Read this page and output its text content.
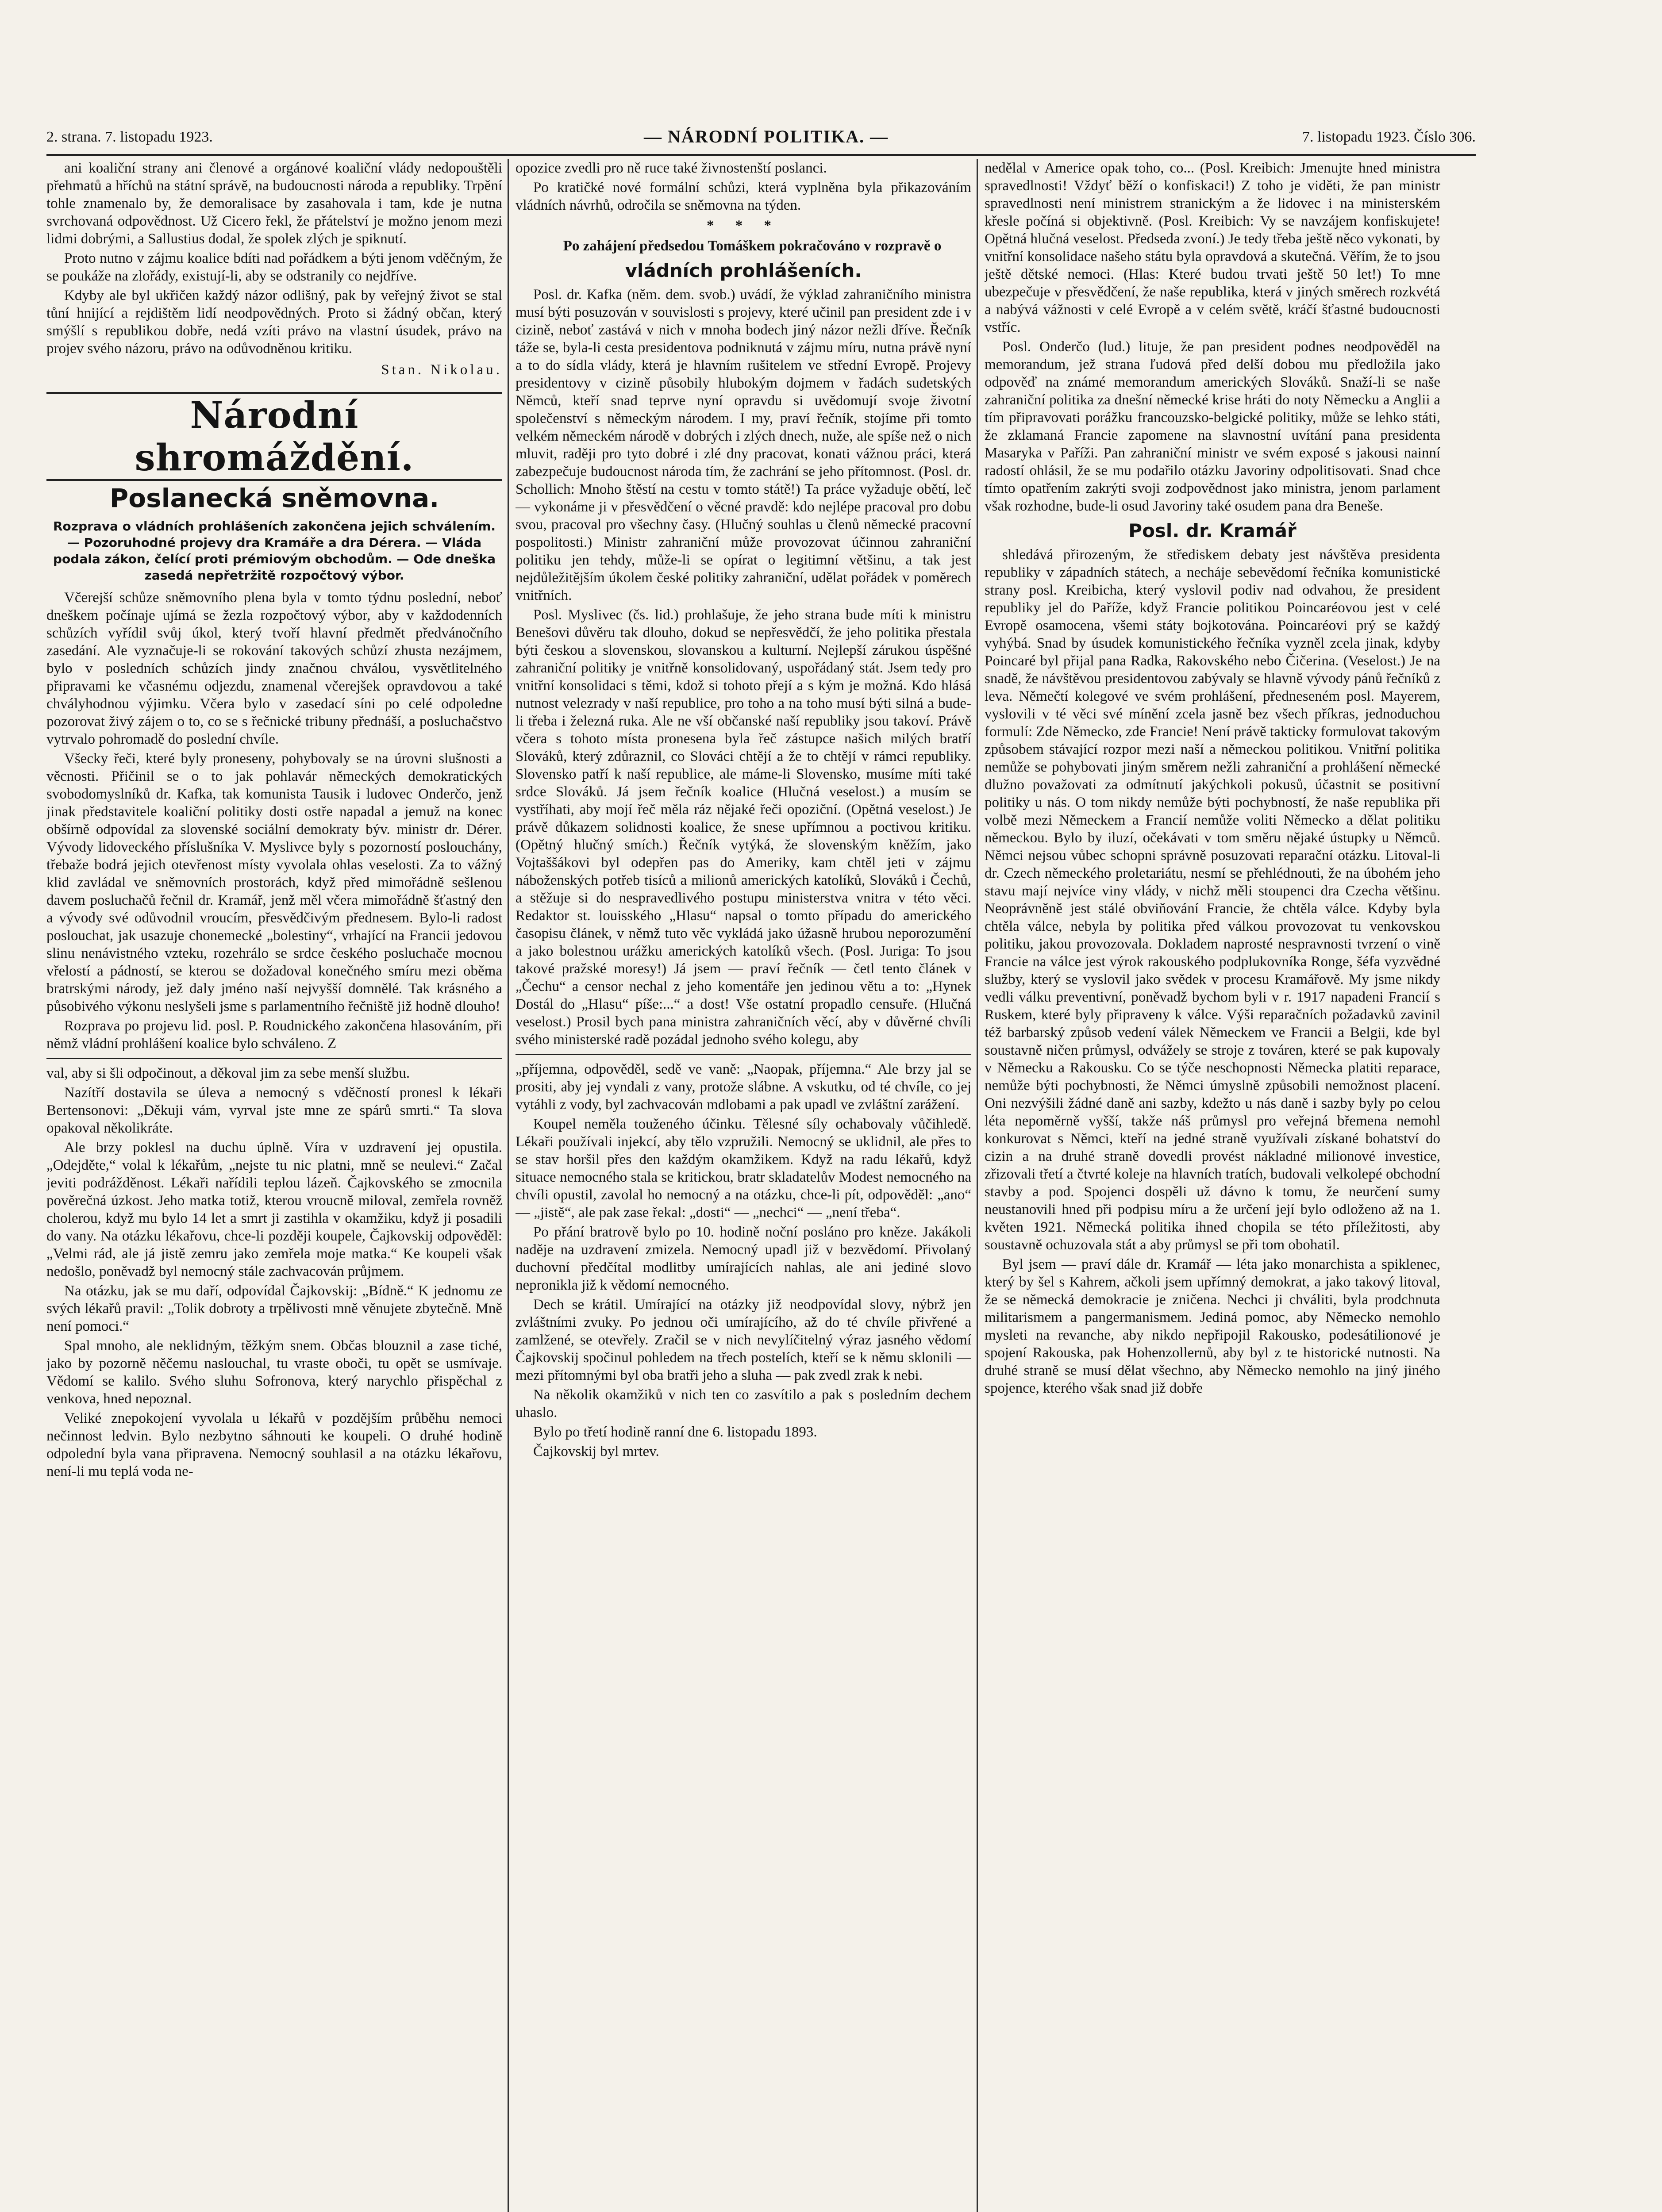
2. strana. 7. listopadu 1923.	— NÁRODNÍ POLITIKA. —	7. listopadu 1923. Číslo 306.

ani koaliční strany ani členové a orgánové koaliční vlády nedopouštěli přehmatů a hříchů na státní správě, na budoucnosti národa a republiky. Trpění tohle znamenalo by, že demoralisace by zasahovala i tam, kde je nutna svrchovaná odpovědnost. Už Cicero řekl, že přátelství je možno jenom mezi lidmi dobrými, a Sallustius dodal, že spolek zlých je spiknutí.

Proto nutno v zájmu koalice bdíti nad pořádkem a býti jenom vděčným, že se poukáže na zlořády, existují-li, aby se odstranily co nejdříve.

Kdyby ale byl ukřičen každý názor odlišný, pak by veřejný život se stal tůní hnijící a rejdištěm lidí neodpovědných. Proto si žádný občan, který smýšlí s republikou dobře, nedá vzíti právo na vlastní úsudek, právo na projev svého názoru, právo na odůvodněnou kritiku.

Stan. Nikolau.
Národní shromáždění.
Poslanecká sněmovna.
Rozprava o vládních prohlášeních zakončena jejich schválením. — Pozoruhodné projevy dra Kramáře a dra Dérera. — Vláda podala zákon, čelící proti prémiovým obchodům. — Ode dneška zasedá nepřetržitě rozpočtový výbor.

Včerejší schůze sněmovního plena byla v tomto týdnu poslední, neboť dneškem počínaje ujímá se žezla rozpočtový výbor, aby v každodenních schůzích vyřídil svůj úkol, který tvoří hlavní předmět předvánočního zasedání. Ale vyznačuje-li se rokování takových schůzí zhusta nezájmem, bylo v posledních schůzích jindy značnou chválou, vysvětlitelného připravami ke včasnému odjezdu, znamenal včerejšek opravdovou a také chvályhodnou výjimku. Včera bylo v zasedací síni po celé odpoledne pozorovat živý zájem o to, co se s řečnické tribuny přednáší, a posluchačstvo vytrvalo pohromadě do poslední chvíle.

Všecky řeči, které byly proneseny, pohybovaly se na úrovni slušnosti a věcnosti. Přičinil se o to jak pohlavár německých demokratických svobodomyslníků dr. Kafka, tak komunista Tausik i ludovec Onderčo, jenž jinak představitele koaliční politiky dosti ostře napadal a jemuž na konec obšírně odpovídal za slovenské sociální demokraty býv. ministr dr. Dérer. Vývody lidoveckého příslušníka V. Myslivce byly s pozorností poslouchány, třebaže bodrá jejich otevřenost místy vyvolala ohlas veselosti. Za to vážný klid zavládal ve sněmovních prostorách, když před mimořádně sešlenou davem posluchačů řečnil dr. Kramář, jenž měl včera mimořádně šťastný den a vývody své odůvodnil vroucím, přesvědčivým přednesem. Bylo-li radost poslouchat, jak usazuje chonemecké „bolestiny“, vrhající na Francii jedovou slinu nenávistného vzteku, rozehrálo se srdce českého posluchače mocnou vřelostí a pádností, se kterou se dožadoval konečného smíru mezi oběma bratrskými národy, jež daly jméno naší nejvyšší domnělé. Tak krásného a působivého výkonu neslyšeli jsme s parlamentního řečniště již hodně dlouho!

Rozprava po projevu lid. posl. P. Roudnického zakončena hlasováním, při němž vládní prohlášení koalice bylo schváleno. Z

val, aby si šli odpočinout, a děkoval jim za sebe menší službu.

Nazítří dostavila se úleva a nemocný s vděčností pronesl k lékaři Bertensonovi: „Děkuji vám, vyrval jste mne ze spárů smrti.“ Ta slova opakoval několikráte.

Ale brzy poklesl na duchu úplně. Víra v uzdravení jej opustila. „Odejděte,“ volal k lékařům, „nejste tu nic platni, mně se neulevi.“ Začal jeviti podrážděnost. Lékaři nařídili teplou lázeň. Čajkovského se zmocnila pověrečná úzkost. Jeho matka totiž, kterou vroucně miloval, zemřela rovněž cholerou, když mu bylo 14 let a smrt ji zastihla v okamžiku, když ji posadili do vany. Na otázku lékařovu, chce-li později koupele, Čajkovskij odpověděl: „Velmi rád, ale já jistě zemru jako zemřela moje matka.“ Ke koupeli však nedošlo, poněvadž byl nemocný stále zachvacován průjmem.

Na otázku, jak se mu daří, odpovídal Čajkovskij: „Bídně.“ K jednomu ze svých lékařů pravil: „Tolik dobroty a trpělivosti mně věnujete zbytečně. Mně není pomoci.“

Spal mnoho, ale neklidným, těžkým snem. Občas blouznil a zase tiché, jako by pozorně něčemu naslouchal, tu vraste oboči, tu opět se usmívaje. Vědomí se kalilo. Svého sluhu Sofronova, který narychlo přispěchal z venkova, hned nepoznal.

Veliké znepokojení vyvolala u lékařů v pozdějším průběhu nemoci nečinnost ledvin. Bylo nezbytno sáhnouti ke koupeli. O druhé hodině odpolední byla vana připravena. Nemocný souhlasil a na otázku lékařovu, není-li mu teplá voda ne-

opozice zvedli pro ně ruce také živnostenští poslanci.

Po kratičké nové formální schůzi, která vyplněna byla přikazováním vládních návrhů, odročila se sněmovna na týden.

* * *

Po zahájení předsedou Tomáškem pokračováno v rozpravě o

vládních prohlášeních.

Posl. dr. Kafka (něm. dem. svob.) uvádí, že výklad zahraničního ministra musí býti posuzován v souvislosti s projevy, které učinil pan president zde i v cizině, neboť zastává v nich v mnoha bodech jiný názor nežli dříve. Řečník táže se, byla-li cesta presidentova podniknutá v zájmu míru, nutna právě nyní a to do sídla vlády, která je hlavním rušitelem ve střední Evropě. Projevy presidentovy v cizině působily hlubokým dojmem v řadách sudetských Němců, kteří snad teprve nyní opravdu si uvědomují svoje životní společenství s německým národem. I my, praví řečník, stojíme při tomto velkém německém národě v dobrých i zlých dnech, nuže, ale spíše než o nich mluvit, raději pro tyto dobré i zlé dny pracovat, konati vážnou práci, která zabezpečuje budoucnost národa tím, že zachrání se jeho přítomnost. (Posl. dr. Schollich: Mnoho štěstí na cestu v tomto státě!) Ta práce vyžaduje obětí, leč — vykonáme ji v přesvědčení o věcné pravdě: kdo nejlépe pracoval pro dobu svou, pracoval pro všechny časy. (Hlučný souhlas u členů německé pracovní pospolitosti.) Ministr zahraniční může provozovat účinnou zahraniční politiku jen tehdy, může-li se opírat o legitimní většinu, a tak jest nejdůležitějším úkolem české politiky zahraniční, udělat pořádek v poměrech vnitřních.

Posl. Myslivec (čs. lid.) prohlašuje, že jeho strana bude míti k ministru Benešovi důvěru tak dlouho, dokud se nepřesvědčí, že jeho politika přestala býti českou a slovenskou, slovanskou a kulturní. Nejlepší zárukou úspěšné zahraniční politiky je vnitřně konsolidovaný, uspořádaný stát. Jsem tedy pro vnitřní konsolidaci s těmi, kdož si tohoto přejí a s kým je možná. Kdo hlásá nutnost velezrady v naší republice, pro toho a na toho musí býti silná a bude-li třeba i železná ruka. Ale ne vší občanské naší republiky jsou takoví. Právě včera s tohoto místa pronesena byla řeč zástupce našich milých bratří Slováků, který zdůraznil, co Slováci chtějí a že to chtějí v rámci republiky. Slovensko patří k naší republice, ale máme-li Slovensko, musíme míti také srdce Slováků. Já jsem řečník koalice (Hlučná veselost.) a musím se vystříhati, aby mojí řeč měla ráz nějaké řeči opoziční. (Opětná veselost.) Je právě důkazem solidnosti koalice, že snese upřímnou a poctivou kritiku. (Opětný hlučný smích.) Řečník vytýká, že slovenským kněžím, jako Vojtaššákovi byl odepřen pas do Ameriky, kam chtěl jeti v zájmu náboženských potřeb tisíců a milionů amerických katolíků, Slováků i Čechů, a stěžuje si do nespravedlivého postupu ministerstva vnitra v této věci. Redaktor st. louisského „Hlasu“ napsal o tomto případu do amerického časopisu článek, v němž tuto věc vykládá jako úžasně hrubou neporozumění a jako bolestnou urážku amerických katolíků všech. (Posl. Juriga: To jsou takové pražské moresy!) Já jsem — praví řečník — četl tento článek v „Čechu“ a censor nechal z jeho komentáře jen jedinou větu a to: „Hynek Dostál do „Hlasu“ píše:...“ a dost! Vše ostatní propadlo censuře. (Hlučná veselost.) Prosil bych pana ministra zahraničních věcí, aby v důvěrné chvíli svého ministerské radě pozádal jednoho svého kolegu, aby

„příjemna, odpověděl, sedě ve vaně: „Naopak, příjemna.“ Ale brzy jal se prositi, aby jej vyndali z vany, protože slábne. A vskutku, od té chvíle, co jej vytáhli z vody, byl zachvacován mdlobami a pak upadl ve zvláštní zarážení.

Koupel neměla touženého účinku. Tělesné síly ochabovaly vůčihledě. Lékaři používali injekcí, aby tělo vzpružili. Nemocný se uklidnil, ale přes to se stav horšil přes den každým okamžikem. Když na radu lékařů, když situace nemocného stala se kritickou, bratr skladatelův Modest nemocného na chvíli opustil, zavolal ho nemocný a na otázku, chce-li pít, odpověděl: „ano“ — „jistě“, ale pak zase řekal: „dosti“ — „nechci“ — „není třeba“.

Po přání bratrově bylo po 10. hodině noční posláno pro kněze. Jakákoli naděje na uzdravení zmizela. Nemocný upadl již v bezvědomí. Přivolaný duchovní předčítal modlitby umírajících nahlas, ale ani jediné slovo nepronikla již k vědomí nemocného.

Dech se krátil. Umírající na otázky již neodpovídal slovy, nýbrž jen zvláštními zvuky. Po jednou oči umírajícího, až do té chvíle přivřené a zamlžené, se otevřely. Zračil se v nich nevylíčitelný výraz jasného vědomí Čajkovskij spočinul pohledem na třech postelích, kteří se k němu sklonili — mezi přítomnými byl oba bratři jeho a sluha — pak zvedl zrak k nebi.

Na několik okamžiků v nich ten co zasvítilo a pak s posledním dechem uhaslo.

Bylo po třetí hodině ranní dne 6. listopadu 1893.

Čajkovskij byl mrtev.

nedělal v Americe opak toho, co... (Posl. Kreibich: Jmenujte hned ministra spravedlnosti! Vždyť běží o konfiskaci!) Z toho je viděti, že pan ministr spravedlnosti není ministrem stranickým a že lidovec i na ministerském křesle počíná si objektivně. (Posl. Kreibich: Vy se navzájem konfiskujete! Opětná hlučná veselost. Předseda zvoní.) Je tedy třeba ještě něco vykonati, by vnitřní konsolidace našeho státu byla opravdová a skutečná. Věřím, že to jsou ještě dětské nemoci. (Hlas: Které budou trvati ještě 50 let!) To mne ubezpečuje v přesvědčení, že naše republika, která v jiných směrech rozkvétá a nabývá vážnosti v celé Evropě a v celém světě, kráčí šťastné budoucnosti vstříc.

Posl. Onderčo (lud.) lituje, že pan president podnes neodpověděl na memorandum, jež strana ľudová před delší dobou mu předložila jako odpověď na známé memorandum amerických Slováků. Snaží-li se naše zahraniční politika za dnešní německé krise hráti do noty Německu a Anglii a tím připravovati porážku francouzsko-belgické politiky, může se lehko státi, že zklamaná Francie zapomene na slavnostní uvítání pana presidenta Masaryka v Paříži. Pan zahraniční ministr ve svém exposé s jakousi nainní radostí ohlásil, že se mu podařilo otázku Javoriny odpolitisovati. Snad chce tímto opatřením zakrýti svoji zodpovědnost jako ministra, jenom parlament však rozhodne, bude-li osud Javoriny také osudem pana dra Beneše.

Posl. dr. Kramář

shledává přirozeným, že střediskem debaty jest návštěva presidenta republiky v západních státech, a necháje sebevědomí řečníka komunistické strany posl. Kreibicha, který vyslovil podiv nad odvahou, že president republiky jel do Paříže, když Francie politikou Poincaréovou jest v celé Evropě osamocena, všemi státy bojkotována. Poincaréovi prý se každý vyhýbá. Snad by úsudek komunistického řečníka vyzněl zcela jinak, kdyby Poincaré byl přijal pana Radka, Rakovského nebo Čičerina. (Veselost.) Je na snadě, že návštěvou presidentovou zabývaly se hlavně vývody pánů řečníků z leva. Němečtí kolegové ve svém prohlášení, předneseném posl. Mayerem, vyslovili v té věci své mínění zcela jasně bez všech příkras, jednoduchou formulí: Zde Německo, zde Francie! Není právě takticky formulovat takovým způsobem stávající rozpor mezi naší a německou politikou. Vnitřní politika nemůže se pohybovati jiným směrem nežli zahraniční a prohlášení německé dlužno považovati za odmítnutí jakýchkoli pokusů, účastnit se positivní politiky u nás. O tom nikdy nemůže býti pochybností, že naše republika při volbě mezi Německem a Francií nemůže voliti Německo a dělat politiku německou. Bylo by iluzí, očekávati v tom směru nějaké ústupky u Němců. Němci nejsou vůbec schopni správně posuzovati reparační otázku. Litoval-li dr. Czech německého proletariátu, nesmí se přehlédnouti, že na úbohém jeho stavu mají nejvíce viny vlády, v nichž měli stoupenci dra Czecha většinu. Neoprávněně jest stálé obviňování Francie, že chtěla válce. Kdyby byla chtěla válce, nebyla by politika před válkou provozovat tu venkovskou politiku, jakou provozovala. Dokladem naprosté nespravnosti tvrzení o vině Francie na válce jest výrok rakouského podplukovníka Ronge, šéfa vyzvědné služby, který se vyslovil jako svědek v procesu Kramářově. My jsme nikdy vedli válku preventivní, poněvadž bychom byli v r. 1917 napadeni Francií s Ruskem, které byly připraveny k válce. Výši reparačních požadavků zavinil též barbarský způsob vedení válek Německem ve Francii a Belgii, kde byl soustavně ničen průmysl, odvážely se stroje z továren, které se pak kupovaly v Německu a Rakousku. Co se týče neschopnosti Německa platiti reparace, nemůže býti pochybnosti, že Němci úmyslně způsobili nemožnost placení. Oni nezvýšili žádné daně ani sazby, kdežto u nás daně i sazby byly po celou léta nepoměrně vyšší, takže náš průmysl pro veřejná břemena nemohl konkurovat s Němci, kteří na jedné straně využívali získané bohatství do cizin a na druhé straně dovedli provést nákladné milionové investice, zřizovali třetí a čtvrté koleje na hlavních tratích, budovali velkolepé obchodní stavby a pod. Spojenci dospěli už dávno k tomu, že neurčení sumy neustanovili hned při podpisu míru a že určení její bylo odloženo až na 1. květen 1921. Německá politika ihned chopila se této příležitosti, aby soustavně ochuzovala stát a aby průmysl se při tom obohatil.

Byl jsem — praví dále dr. Kramář — léta jako monarchista a spiklenec, který by šel s Kahrem, ačkoli jsem upřímný demokrat, a jako takový litoval, že se německá demokracie je zničena. Nechci ji chváliti, byla prodchnuta militarismem a pangermanismem. Jediná pomoc, aby Německo nemohlo mysleti na revanche, aby nikdo nepřipojil Rakousko, podesátilionové je spojení Rakouska, pak Hohenzollernů, aby byl z te historické nutnosti. Na druhé straně se musí dělat všechno, aby Německo nemohlo na jiný jiného spojence, kterého však snad již dobře
